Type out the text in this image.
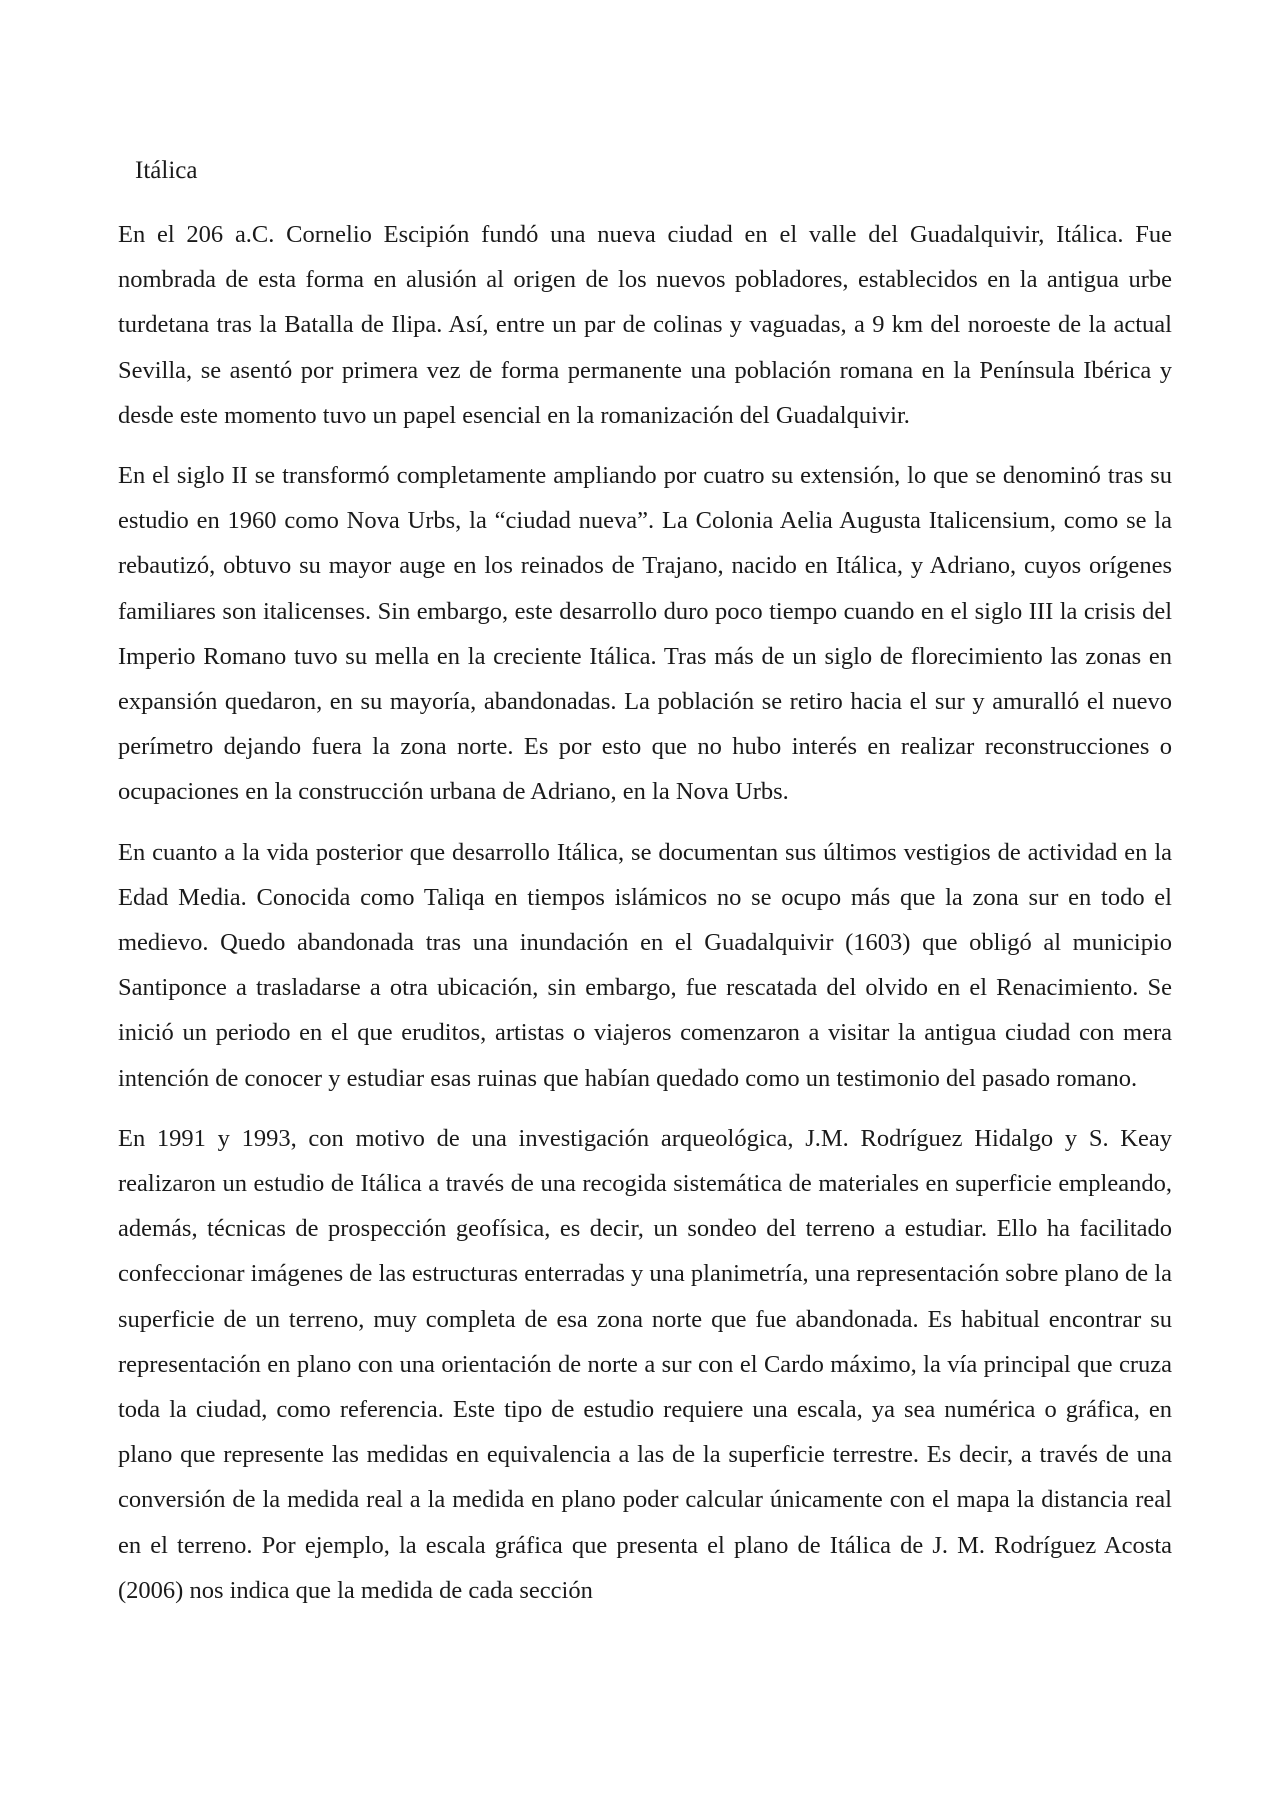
Itálica

En el 206 a.C. Cornelio Escipión fundó una nueva ciudad en el valle del Guadalquivir, Itálica. Fue nombrada de esta forma en alusión al origen de los nuevos pobladores, establecidos en la antigua urbe turdetana tras la Batalla de Ilipa. Así, entre un par de colinas y vaguadas, a 9 km del noroeste de la actual Sevilla, se asentó por primera vez de forma permanente una población romana en la Península Ibérica y desde este momento tuvo un papel esencial en la romanización del Guadalquivir.

En el siglo II se transformó completamente ampliando por cuatro su extensión, lo que se denominó tras su estudio en 1960 como Nova Urbs, la “ciudad nueva”. La Colonia Aelia Augusta Italicensium, como se la rebautizó, obtuvo su mayor auge en los reinados de Trajano, nacido en Itálica, y Adriano, cuyos orígenes familiares son italicenses. Sin embargo, este desarrollo duro poco tiempo cuando en el siglo III la crisis del Imperio Romano tuvo su mella en la creciente Itálica. Tras más de un siglo de florecimiento las zonas en expansión quedaron, en su mayoría, abandonadas. La población se retiro hacia el sur y amuralló el nuevo perímetro dejando fuera la zona norte. Es por esto que no hubo interés en realizar reconstrucciones o ocupaciones en la construcción urbana de Adriano, en la Nova Urbs.

En cuanto a la vida posterior que desarrollo Itálica, se documentan sus últimos vestigios de actividad en la Edad Media. Conocida como Taliqa en tiempos islámicos no se ocupo más que la zona sur en todo el medievo. Quedo abandonada tras una inundación en el Guadalquivir (1603) que obligó al municipio Santiponce a trasladarse a otra ubicación, sin embargo, fue rescatada del olvido en el Renacimiento. Se inició un periodo en el que eruditos, artistas o viajeros comenzaron a visitar la antigua ciudad con mera intención de conocer y estudiar esas ruinas que habían quedado como un testimonio del pasado romano.

En 1991 y 1993, con motivo de una investigación arqueológica, J.M. Rodríguez Hidalgo y S. Keay realizaron un estudio de Itálica a través de una recogida sistemática de materiales en superficie empleando, además, técnicas de prospección geofísica, es decir, un sondeo del terreno a estudiar. Ello ha facilitado confeccionar imágenes de las estructuras enterradas y una planimetría, una representación sobre plano de la superficie de un terreno, muy completa de esa zona norte que fue abandonada. Es habitual encontrar su representación en plano con una orientación de norte a sur con el Cardo máximo, la vía principal que cruza toda la ciudad, como referencia. Este tipo de estudio requiere una escala, ya sea numérica o gráfica, en plano que represente las medidas en equivalencia a las de la superficie terrestre. Es decir, a través de una conversión de la medida real a la medida en plano poder calcular únicamente con el mapa la distancia real en el terreno. Por ejemplo, la escala gráfica que presenta el plano de Itálica de J. M. Rodríguez Acosta (2006) nos indica que la medida de cada sección
